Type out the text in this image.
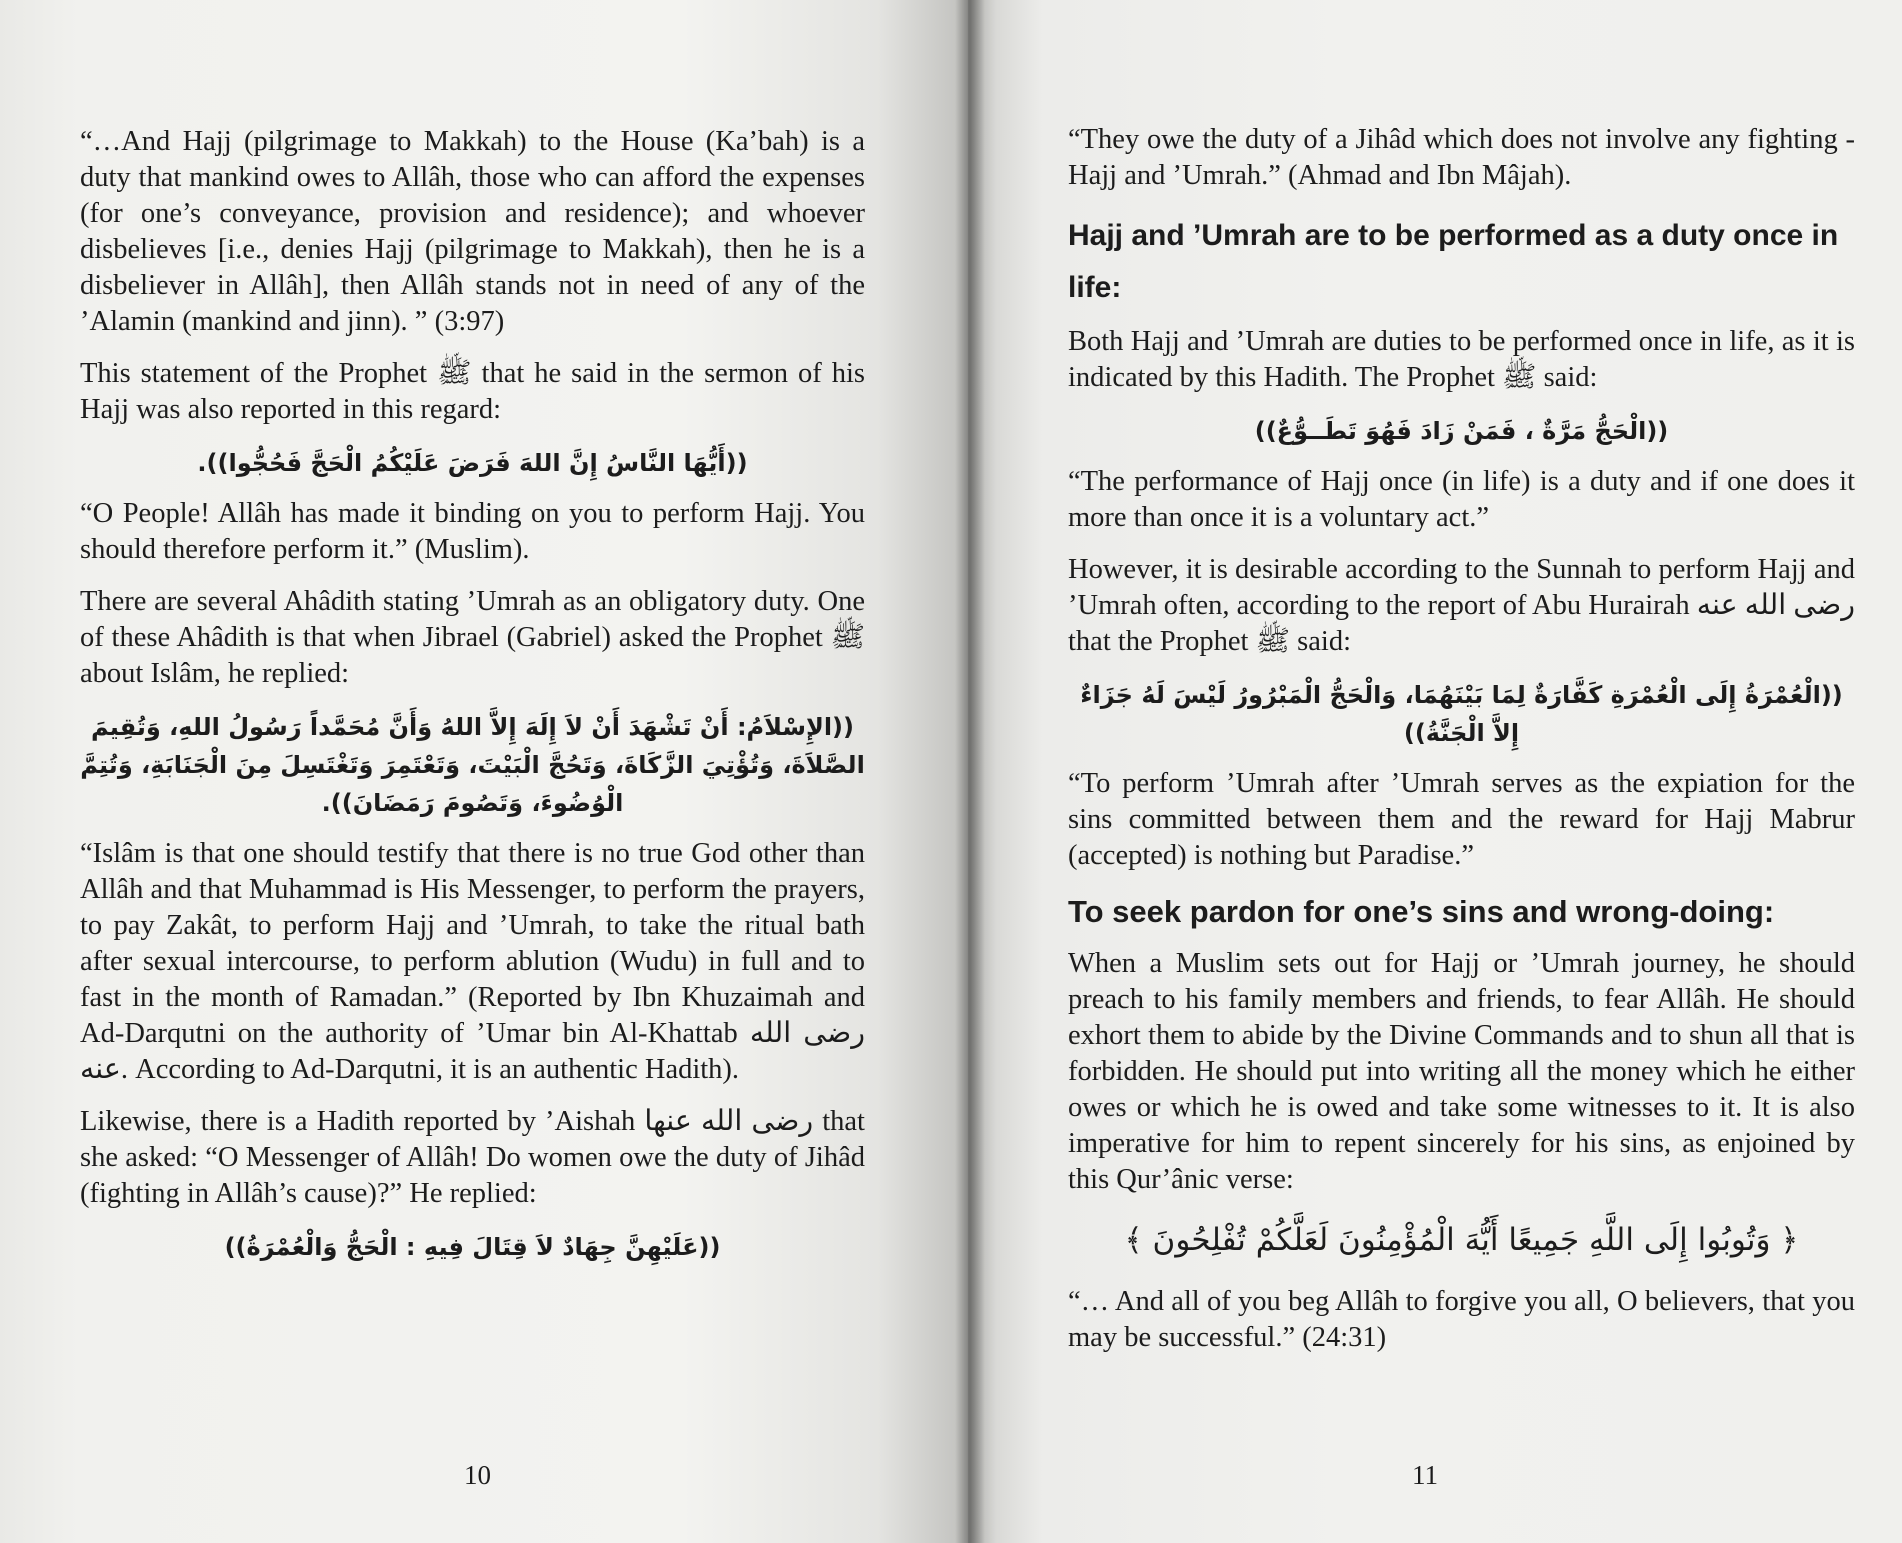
“…And Hajj (pilgrimage to Makkah) to the House (Ka’bah) is a duty that mankind owes to Allâh, those who can afford the expenses (for one’s conveyance, provision and residence); and whoever disbelieves [i.e., denies Hajj (pilgrimage to Makkah), then he is a disbeliever in Allâh], then Allâh stands not in need of any of the ’Alamin (mankind and jinn). ” (3:97)

This statement of the Prophet ﷺ that he said in the sermon of his Hajj was also reported in this regard:

((أَيُّهَا النَّاسُ إِنَّ اللهَ فَرَضَ عَلَيْكُمُ الْحَجَّ فَحُجُّوا)).

“O People! Allâh has made it binding on you to perform Hajj. You should therefore perform it.” (Muslim).

There are several Ahâdith stating ’Umrah as an obligatory duty. One of these Ahâdith is that when Jibrael (Gabriel) asked the Prophet ﷺ about Islâm, he replied:

((الإِسْلاَمُ: أَنْ تَشْهَدَ أَنْ لاَ إِلَهَ إِلاَّ اللهُ وَأَنَّ مُحَمَّداً رَسُولُ اللهِ، وَتُقِيمَ الصَّلاَةَ، وَتُؤْتِيَ الزَّكَاةَ، وَتَحُجَّ الْبَيْتَ، وَتَعْتَمِرَ وَتَغْتَسِلَ مِنَ الْجَنَابَةِ، وَتُتِمَّ الْوُضُوءَ، وَتَصُومَ رَمَضَانَ)).

“Islâm is that one should testify that there is no true God other than Allâh and that Muhammad is His Messenger, to perform the prayers, to pay Zakât, to perform Hajj and ’Umrah, to take the ritual bath after sexual intercourse, to perform ablution (Wudu) in full and to fast in the month of Ramadan.” (Reported by Ibn Khuzaimah and Ad-Darqutni on the authority of ’Umar bin Al-Khattab رضى الله عنه. According to Ad-Darqutni, it is an authentic Hadith).

Likewise, there is a Hadith reported by ’Aishah رضى الله عنها that she asked: “O Messenger of Allâh! Do women owe the duty of Jihâd (fighting in Allâh’s cause)?” He replied:

((عَلَيْهِنَّ جِهَادٌ لاَ قِتَالَ فِيهِ : الْحَجُّ وَالْعُمْرَةُ))

10

“They owe the duty of a Jihâd which does not involve any fighting -Hajj and ’Umrah.” (Ahmad and Ibn Mâjah).

Hajj and ’Umrah are to be performed as a duty once in life:

Both Hajj and ’Umrah are duties to be performed once in life, as it is indicated by this Hadith. The Prophet ﷺ said:

((الْحَجُّ مَرَّةٌ ، فَمَنْ زَادَ فَهُوَ تَطَــوُّعٌ))

“The performance of Hajj once (in life) is a duty and if one does it more than once it is a voluntary act.”

However, it is desirable according to the Sunnah to perform Hajj and ’Umrah often, according to the report of Abu Hurairah رضى الله عنه that the Prophet ﷺ said:

((الْعُمْرَةُ إِلَى الْعُمْرَةِ كَفَّارَةٌ لِمَا بَيْنَهُمَا، وَالْحَجُّ الْمَبْرُورُ لَيْسَ لَهُ جَزَاءٌ إِلاَّ الْجَنَّةُ))

“To perform ’Umrah after ’Umrah serves as the expiation for the sins committed between them and the reward for Hajj Mabrur (accepted) is nothing but Paradise.”

To seek pardon for one’s sins and wrong-doing:

When a Muslim sets out for Hajj or ’Umrah journey, he should preach to his family members and friends, to fear Allâh. He should exhort them to abide by the Divine Commands and to shun all that is forbidden. He should put into writing all the money which he either owes or which he is owed and take some witnesses to it. It is also imperative for him to repent sincerely for his sins, as enjoined by this Qur’ânic verse:

﴿ وَتُوبُوا إِلَى اللَّهِ جَمِيعًا أَيُّهَ الْمُؤْمِنُونَ لَعَلَّكُمْ تُفْلِحُونَ ﴾

“… And all of you beg Allâh to forgive you all, O believers, that you may be successful.” (24:31)

11
